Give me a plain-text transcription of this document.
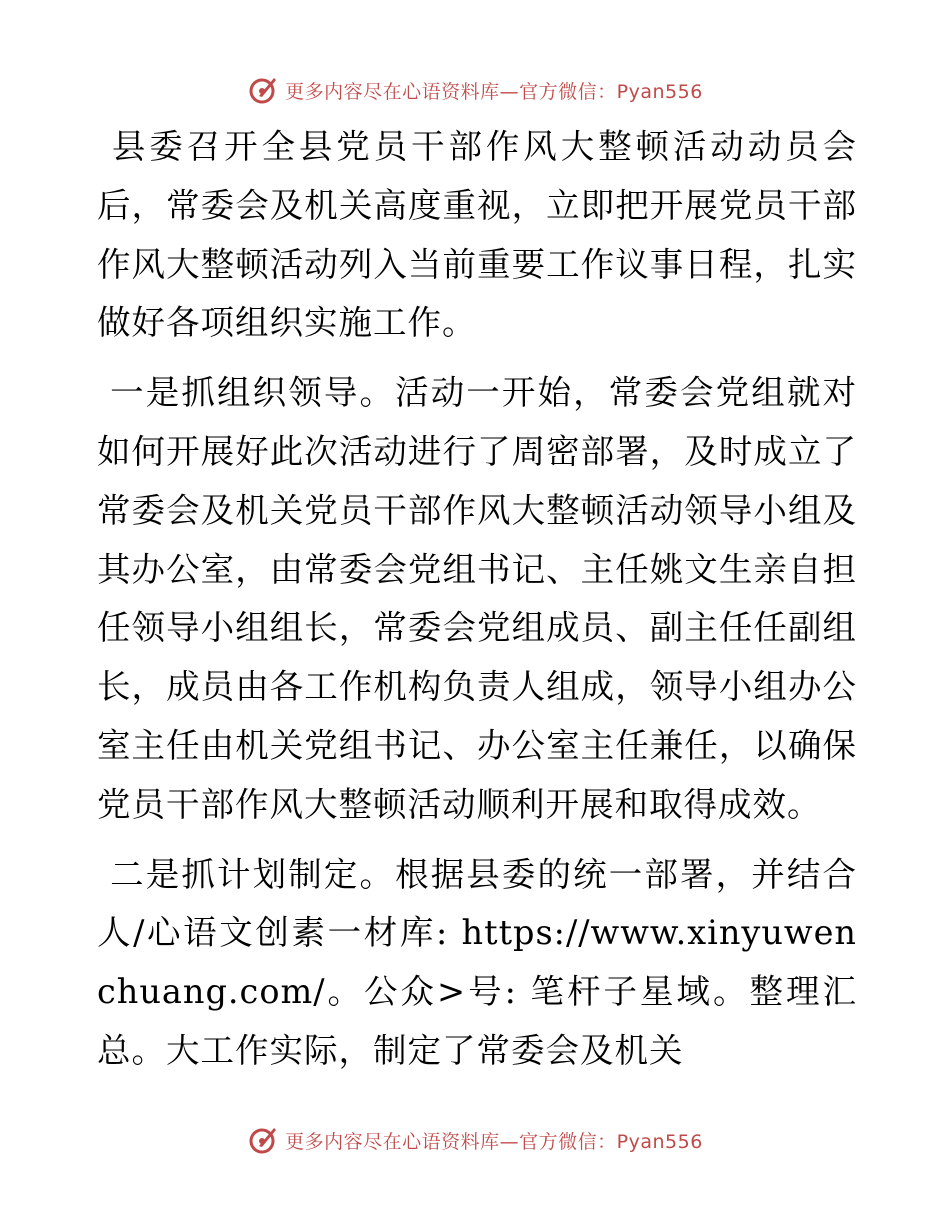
更多内容尽在心语资料库—官方微信：Pyan556

县委召开全县党员干部作风大整顿活动动员会后，常委会及机关高度重视，立即把开展党员干部作风大整顿活动列入当前重要工作议事日程，扎实做好各项组织实施工作。

一是抓组织领导。活动一开始，常委会党组就对如何开展好此次活动进行了周密部署，及时成立了常委会及机关党员干部作风大整顿活动领导小组及其办公室，由常委会党组书记、主任姚文生亲自担任领导小组组长，常委会党组成员、副主任任副组长，成员由各工作机构负责人组成，领导小组办公室主任由机关党组书记、办公室主任兼任，以确保党员干部作风大整顿活动顺利开展和取得成效。

二是抓计划制定。根据县委的统一部署，并结合人/心语文创素一材库: https://www.xinyuwenchuang.com/。公众>号: 笔杆子星域。整理汇总。大工作实际，制定了常委会及机关

更多内容尽在心语资料库—官方微信：Pyan556
